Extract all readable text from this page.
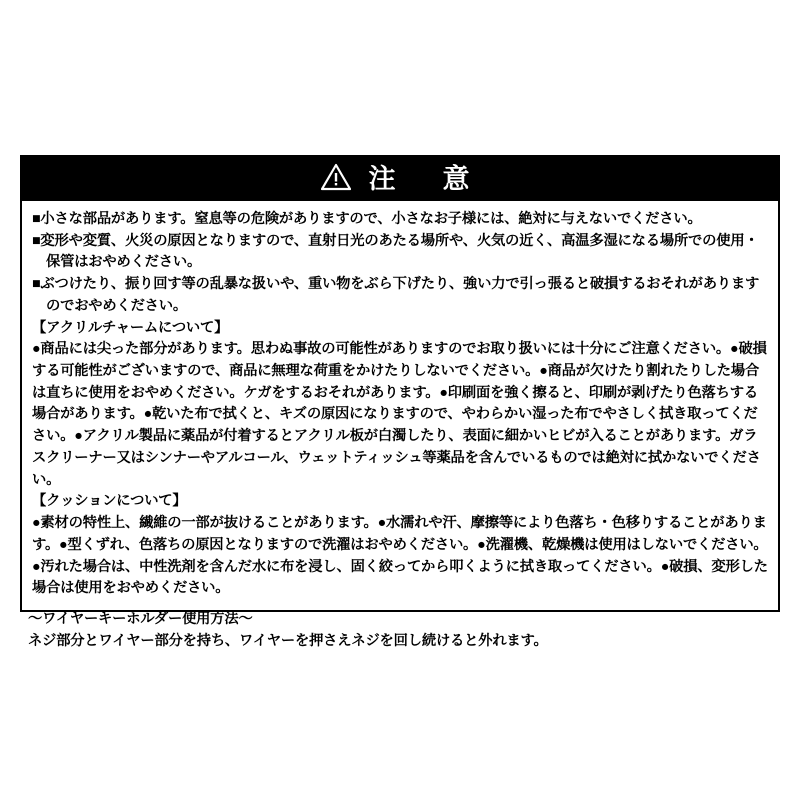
注　意

■小さな部品があります。窒息等の危険がありますので、小さなお子様には、絶対に与えないでください。

■変形や変質、火災の原因となりますので、直射日光のあたる場所や、火気の近く、高温多湿になる場所での使用・保管はおやめください。

■ぶつけたり、振り回す等の乱暴な扱いや、重い物をぶら下げたり、強い力で引っ張ると破損するおそれがありますのでおやめください。

【アクリルチャームについて】

●商品には尖った部分があります。思わぬ事故の可能性がありますのでお取り扱いには十分にご注意ください。●破損する可能性がございますので、商品に無理な荷重をかけたりしないでください。●商品が欠けたり割れたりした場合は直ちに使用をおやめください。ケガをするおそれがあります。●印刷面を強く擦ると、印刷が剥げたり色落ちする場合があります。●乾いた布で拭くと、キズの原因になりますので、やわらかい湿った布でやさしく拭き取ってください。●アクリル製品に薬品が付着するとアクリル板が白濁したり、表面に細かいヒビが入ることがあります。ガラスクリーナー又はシンナーやアルコール、ウェットティッシュ等薬品を含んでいるものでは絶対に拭かないでください。

【クッションについて】

●素材の特性上、繊維の一部が抜けることがあります。●水濡れや汗、摩擦等により色落ち・色移りすることがあります。●型くずれ、色落ちの原因となりますので洗濯はおやめください。●洗濯機、乾燥機は使用はしないでください。●汚れた場合は、中性洗剤を含んだ水に布を浸し、固く絞ってから叩くように拭き取ってください。●破損、変形した場合は使用をおやめください。

〜ワイヤーキーホルダー使用方法〜

ネジ部分とワイヤー部分を持ち、ワイヤーを押さえネジを回し続けると外れます。
